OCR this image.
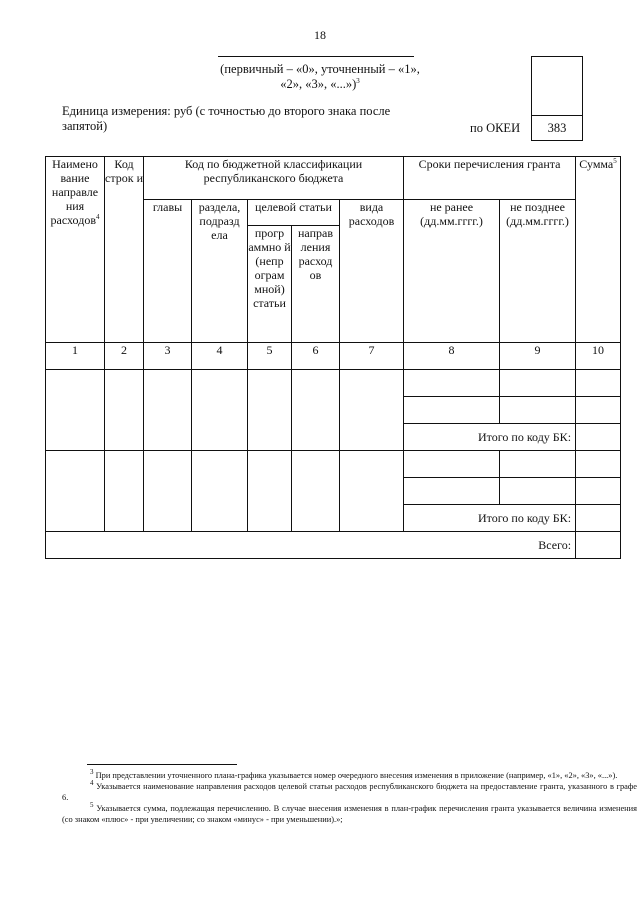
18
(первичный – «0», уточненный – «1», «2», «3», «...»)$^3$
Единица измерения: руб (с точностью до второго знака после запятой)	по ОКЕИ	383
Наимено вание направле ния расходов$^4$	Код строк и	Код по бюджетной классификации республиканского бюджета					Сроки перечисления гранта		Сумма$^5$
		главы	раздела, подразд ела	целевой статьи		вида расходов	не ранее (дд.мм.гггг.)	не позднее (дд.мм.гггг.)	
				прогр аммно й (непр ограм мной) статьи	направ ления расход ов				
1	2	3	4	5	6	7	8	9	10

							Итого по коду БК:		

							Итого по коду БК:		
Всего:									

$^3$ При представлении уточненного плана-графика указывается номер очередного внесения изменения в приложение (например, «1», «2», «3», «...»).

$^4$ Указывается наименование направления расходов целевой статьи расходов республиканского бюджета на предоставление гранта, указанного в графе 6.

$^5$ Указывается сумма, подлежащая перечислению. В случае внесения изменения в план-график перечисления гранта указывается величина изменения (со знаком «плюс» - при увеличении; со знаком «минус» - при уменьшении).»;
